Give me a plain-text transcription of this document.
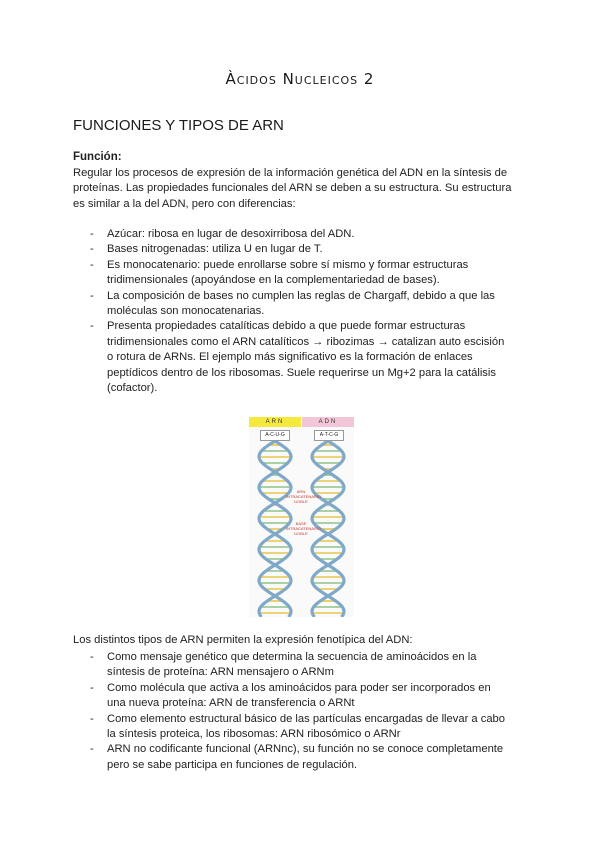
Àcidos Nucleicos 2
FUNCIONES Y TIPOS DE ARN
Función:
Regular los procesos de expresión de la información genética del ADN en la síntesis de proteínas. Las propiedades funcionales del ARN se deben a su estructura. Su estructura es similar a la del ADN, pero con diferencias:
- Azúcar: ribosa en lugar de desoxirribosa del ADN.
- Bases nitrogenadas: utiliza U en lugar de T.
- Es monocatenario: puede enrollarse sobre sí mismo y formar estructuras tridimensionales (apoyándose en la complementariedad de bases).
- La composición de bases no cumplen las reglas de Chargaff, debido a que las moléculas son monocatenarias.
- Presenta propiedades catalíticas debido a que puede formar estructuras tridimensionales como el ARN catalíticos → ribozimas → catalizan auto escisión o rotura de ARNs. El ejemplo más significativo es la formación de enlaces peptídicos dentro de los ribosomas. Suele requerirse un Mg+2 para la catálisis (cofactor).
ARN	ADN
A-C-U-G	A-T-C-G
ARN INTRACATENARIO DOBLE
BASE INTRACATENARIO DOBLE
Los distintos tipos de ARN permiten la expresión fenotípica del ADN:
- Como mensaje genético que determina la secuencia de aminoácidos en la síntesis de proteína: ARN mensajero o ARNm
- Como molécula que activa a los aminoácidos para poder ser incorporados en una nueva proteína: ARN de transferencia o ARNt
- Como elemento estructural básico de las partículas encargadas de llevar a cabo la síntesis proteica, los ribosomas: ARN ribosómico o ARNr
- ARN no codificante funcional (ARNnc), su función no se conoce completamente pero se sabe participa en funciones de regulación.
